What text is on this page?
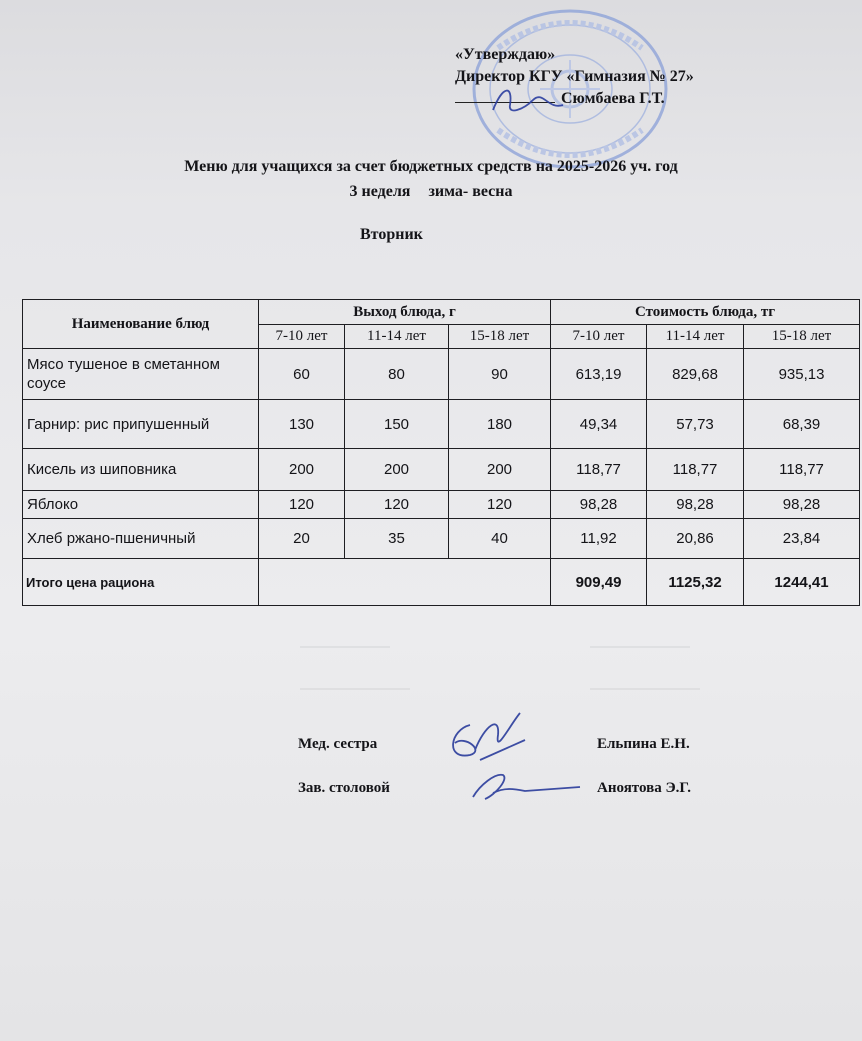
«Утверждаю»
Директор КГУ «Гимназия № 27»
Сюмбаева Г.Т.
Меню для учащихся за счет бюджетных средств на 2025-2026 уч. год
3 неделя зима- весна
Вторник
Наименование блюд	Выход блюда, г			Стоимость блюда, тг		
	7-10 лет	11-14 лет	15-18 лет	7-10 лет	11-14 лет	15-18 лет
Мясо тушеное в сметанном соусе	60	80	90	613,19	829,68	935,13
Гарнир: рис припушенный	130	150	180	49,34	57,73	68,39
Кисель из шиповника	200	200	200	118,77	118,77	118,77
Яблоко	120	120	120	98,28	98,28	98,28
Хлеб ржано-пшеничный	20	35	40	11,92	20,86	23,84
Итого цена рациона				909,49	1125,32	1244,41
Мед. сестра	Ельпина Е.Н.
Зав. столовой	Аноятова Э.Г.
